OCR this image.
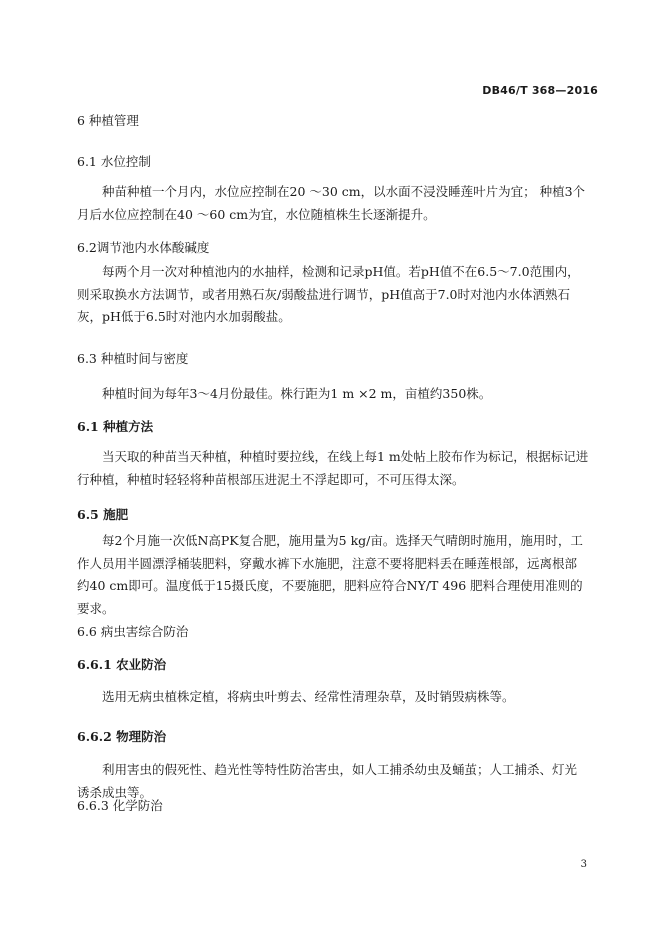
DB46/T 368—2016
6 种植管理
6.1 水位控制
种苗种植一个月内，水位应控制在20 ～30 cm，以水面不浸没睡莲叶片为宜； 种植3个月后水位应控制在40 ～60 cm为宜，水位随植株生长逐渐提升。
6.2调节池内水体酸碱度
每两个月一次对种植池内的水抽样，检测和记录pH值。若pH值不在6.5～7.0范围内，则采取换水方法调节，或者用熟石灰/弱酸盐进行调节，pH值高于7.0时对池内水体洒熟石灰，pH低于6.5时对池内水加弱酸盐。
6.3 种植时间与密度
种植时间为每年3～4月份最佳。株行距为1 m ×2 m，亩植约350株。
6.1 种植方法
当天取的种苗当天种植，种植时要拉线，在线上每1 m处帖上胶布作为标记，根据标记进行种植，种植时轻轻将种苗根部压进泥土不浮起即可，不可压得太深。
6.5 施肥
每2个月施一次低N高PK复合肥，施用量为5 kg/亩。选择天气晴朗时施用，施用时，工作人员用半圆漂浮桶装肥料，穿戴水裤下水施肥，注意不要将肥料丢在睡莲根部，远离根部约40 cm即可。温度低于15摄氏度，不要施肥，肥料应符合NY/T 496 肥料合理使用准则的要求。
6.6 病虫害综合防治
6.6.1 农业防治
选用无病虫植株定植，将病虫叶剪去、经常性清理杂草，及时销毁病株等。
6.6.2 物理防治
利用害虫的假死性、趋光性等特性防治害虫，如人工捕杀幼虫及蛹茧；人工捕杀、灯光诱杀成虫等。
6.6.3 化学防治
3
